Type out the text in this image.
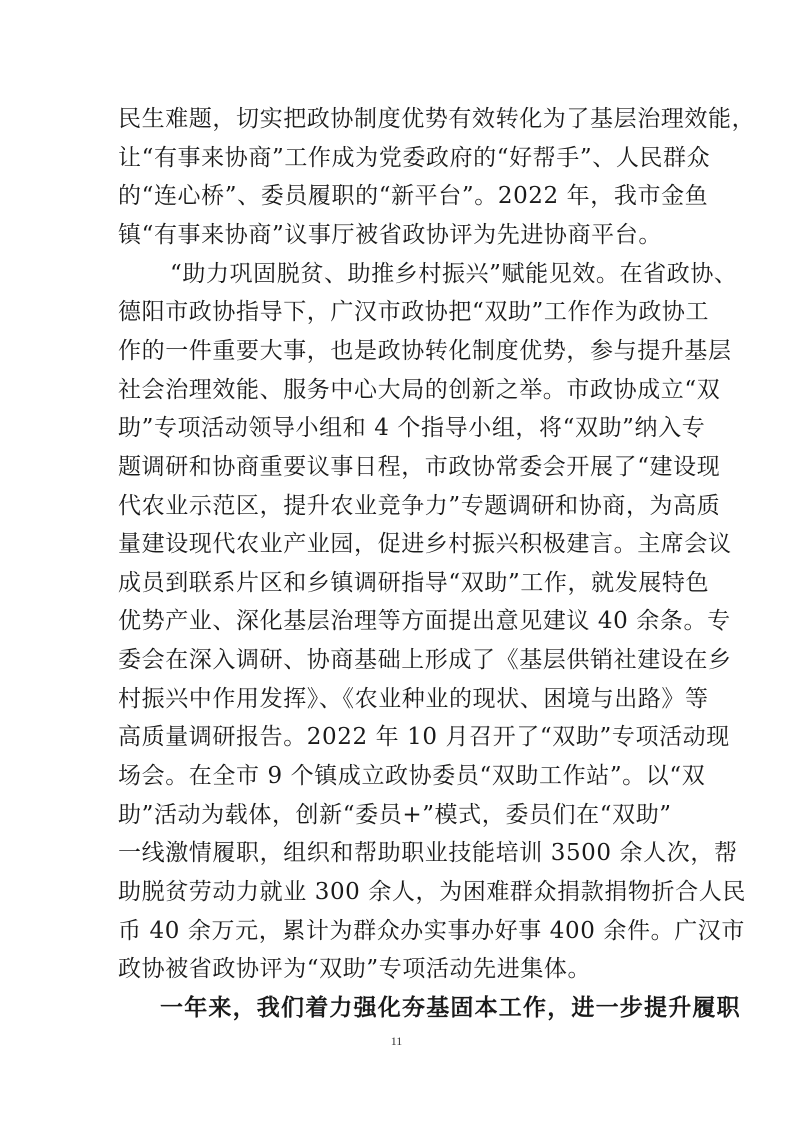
民生难题，切实把政协制度优势有效转化为了基层治理效能，
让“有事来协商”工作成为党委政府的“好帮手”、人民群众
的“连心桥”、委员履职的“新平台”。2022 年，我市金鱼
镇“有事来协商”议事厅被省政协评为先进协商平台。
“助力巩固脱贫、助推乡村振兴”赋能见效。在省政协、
德阳市政协指导下，广汉市政协把“双助”工作作为政协工
作的一件重要大事，也是政协转化制度优势，参与提升基层
社会治理效能、服务中心大局的创新之举。市政协成立“双
助”专项活动领导小组和 4 个指导小组，将“双助”纳入专
题调研和协商重要议事日程，市政协常委会开展了“建设现
代农业示范区，提升农业竞争力”专题调研和协商，为高质
量建设现代农业产业园，促进乡村振兴积极建言。主席会议
成员到联系片区和乡镇调研指导“双助”工作，就发展特色
优势产业、深化基层治理等方面提出意见建议 40 余条。专
委会在深入调研、协商基础上形成了《基层供销社建设在乡
村振兴中作用发挥》、《农业种业的现状、困境与出路》等
高质量调研报告。2022 年 10 月召开了“双助”专项活动现
场会。在全市 9 个镇成立政协委员“双助工作站”。以“双
助”活动为载体，创新“委员+”模式，委员们在“双助”
一线激情履职，组织和帮助职业技能培训 3500 余人次，帮
助脱贫劳动力就业 300 余人，为困难群众捐款捐物折合人民
币 40 余万元，累计为群众办实事办好事 400 余件。广汉市
政协被省政协评为“双助”专项活动先进集体。
一年来，我们着力强化夯基固本工作，进一步提升履职
11
